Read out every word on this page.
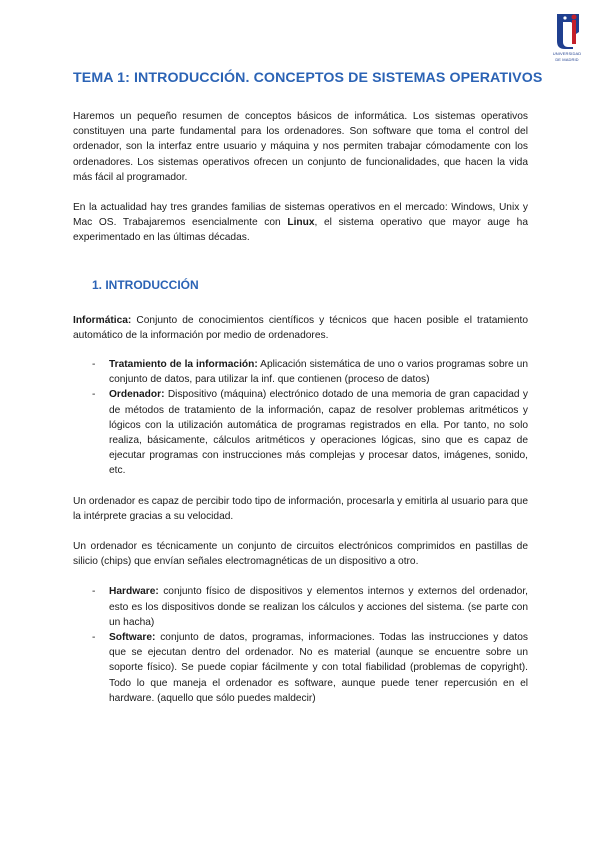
UNIVERSIDAD
DE MADRID
TEMA 1: INTRODUCCIÓN. CONCEPTOS DE SISTEMAS OPERATIVOS

Haremos un pequeño resumen de conceptos básicos de informática. Los sistemas operativos constituyen una parte fundamental para los ordenadores. Son software que toma el control del ordenador, son la interfaz entre usuario y máquina y nos permiten trabajar cómodamente con los ordenadores. Los sistemas operativos ofrecen un conjunto de funcionalidades, que hacen la vida más fácil al programador.

En la actualidad hay tres grandes familias de sistemas operativos en el mercado: Windows, Unix y Mac OS. Trabajaremos esencialmente con Linux, el sistema operativo que mayor auge ha experimentado en las últimas décadas.

1. INTRODUCCIÓN

Informática: Conjunto de conocimientos científicos y técnicos que hacen posible el tratamiento automático de la información por medio de ordenadores.

- Tratamiento de la información: Aplicación sistemática de uno o varios programas sobre un conjunto de datos, para utilizar la inf. que contienen (proceso de datos)
- Ordenador: Dispositivo (máquina) electrónico dotado de una memoria de gran capacidad y de métodos de tratamiento de la información, capaz de resolver problemas aritméticos y lógicos con la utilización automática de programas registrados en ella. Por tanto, no solo realiza, básicamente, cálculos aritméticos y operaciones lógicas, sino que es capaz de ejecutar programas con instrucciones más complejas y procesar datos, imágenes, sonido, etc.

Un ordenador es capaz de percibir todo tipo de información, procesarla y emitirla al usuario para que la intérprete gracias a su velocidad.

Un ordenador es técnicamente un conjunto de circuitos electrónicos comprimidos en pastillas de silicio (chips) que envían señales electromagnéticas de un dispositivo a otro.

- Hardware: conjunto físico de dispositivos y elementos internos y externos del ordenador, esto es los dispositivos donde se realizan los cálculos y acciones del sistema. (se parte con un hacha)
- Software: conjunto de datos, programas, informaciones. Todas las instrucciones y datos que se ejecutan dentro del ordenador. No es material (aunque se encuentre sobre un soporte físico). Se puede copiar fácilmente y con total fiabilidad (problemas de copyright). Todo lo que maneja el ordenador es software, aunque puede tener repercusión en el hardware. (aquello que sólo puedes maldecir)
